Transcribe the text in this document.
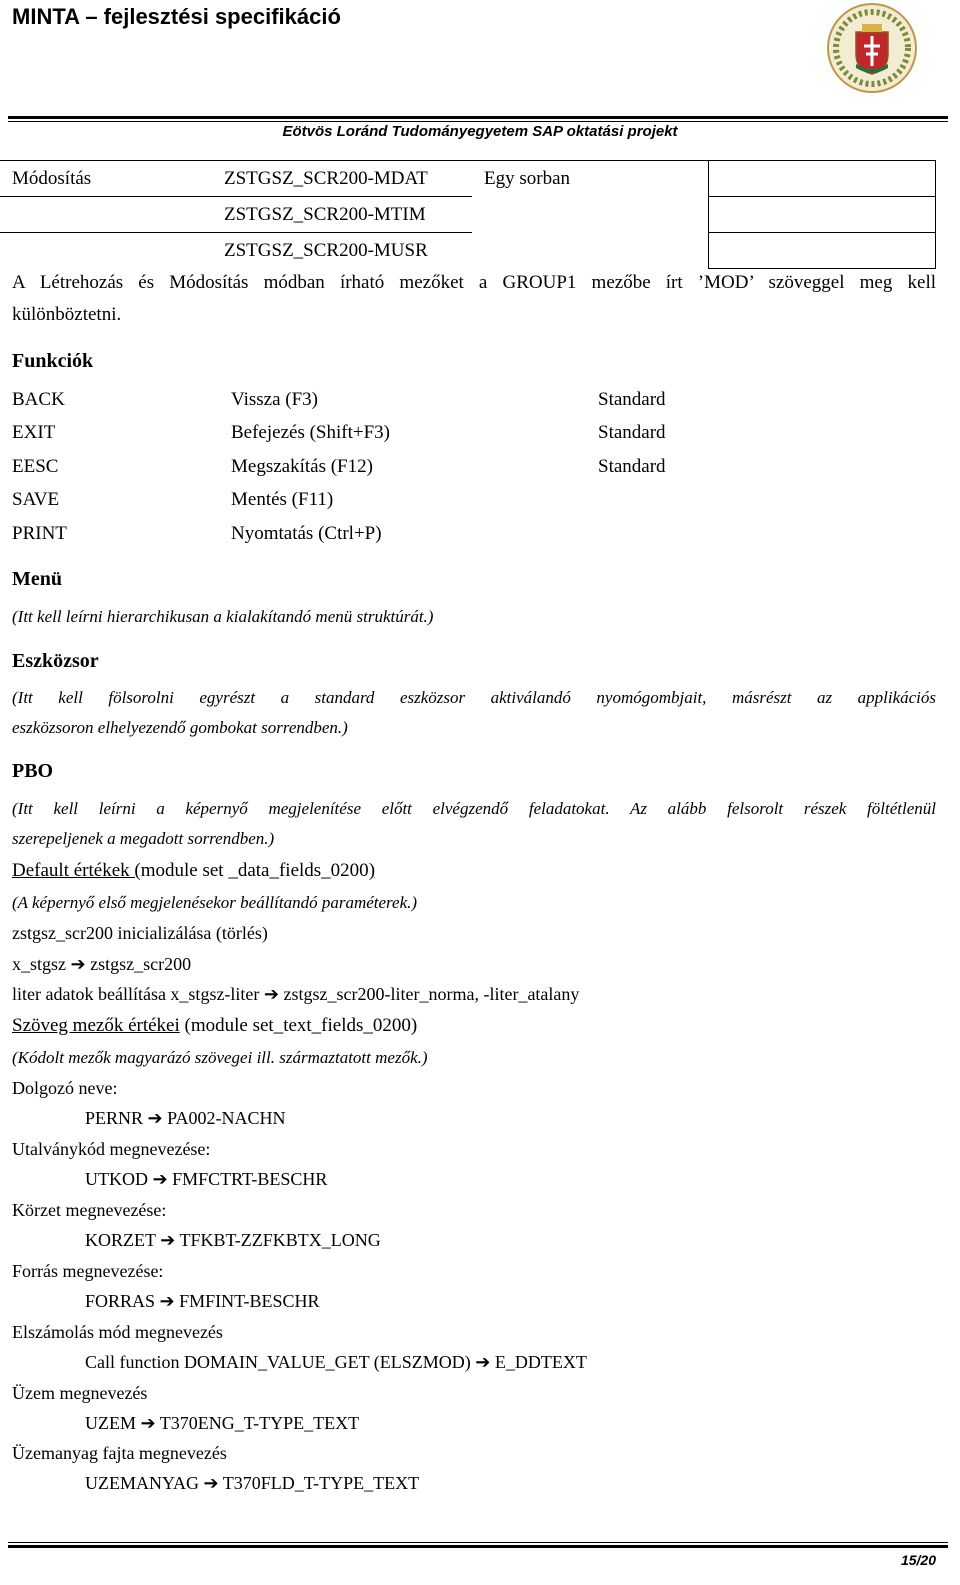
MINTA – fejlesztési specifikáció
Eötvös Loránd Tudományegyetem SAP oktatási projekt
Módosítás	ZSTGSZ_SCR200-MDAT	Egy sorban	
	ZSTGSZ_SCR200-MTIM		
	ZSTGSZ_SCR200-MUSR		
A Létrehozás és Módosítás módban írható mezőket a GROUP1 mezőbe írt ’MOD’ szöveggel meg kell
különböztetni.
Funkciók
BACK	Vissza (F3)	Standard
EXIT	Befejezés (Shift+F3)	Standard
EESC	Megszakítás (F12)	Standard
SAVE	Mentés (F11)
PRINT	Nyomtatás (Ctrl+P)
Menü
(Itt kell leírni hierarchikusan a kialakítandó menü struktúrát.)
Eszközsor
(Itt kell fölsorolni egyrészt a standard eszközsor aktiválandó nyomógombjait, másrészt az applikációs
eszközsoron elhelyezendő gombokat sorrendben.)
PBO
(Itt kell leírni a képernyő megjelenítése előtt elvégzendő feladatokat. Az alább felsorolt részek föltétlenül
szerepeljenek a megadott sorrendben.)
Default értékek (module set _data_fields_0200)
(A képernyő első megjelenésekor beállítandó paraméterek.)
zstgsz_scr200 inicializálása (törlés)
x_stgsz ➔ zstgsz_scr200
liter adatok beállítása x_stgsz-liter ➔ zstgsz_scr200-liter_norma, -liter_atalany
Szöveg mezők értékei (module set_text_fields_0200)
(Kódolt mezők magyarázó szövegei ill. származtatott mezők.)
Dolgozó neve:
PERNR ➔ PA002-NACHN
Utalványkód megnevezése:
UTKOD ➔ FMFCTRT-BESCHR
Körzet megnevezése:
KORZET ➔ TFKBT-ZZFKBTX_LONG
Forrás megnevezése:
FORRAS ➔ FMFINT-BESCHR
Elszámolás mód megnevezés
Call function DOMAIN_VALUE_GET (ELSZMOD) ➔ E_DDTEXT
Üzem megnevezés
UZEM ➔ T370ENG_T-TYPE_TEXT
Üzemanyag fajta megnevezés
UZEMANYAG ➔ T370FLD_T-TYPE_TEXT
15/20
